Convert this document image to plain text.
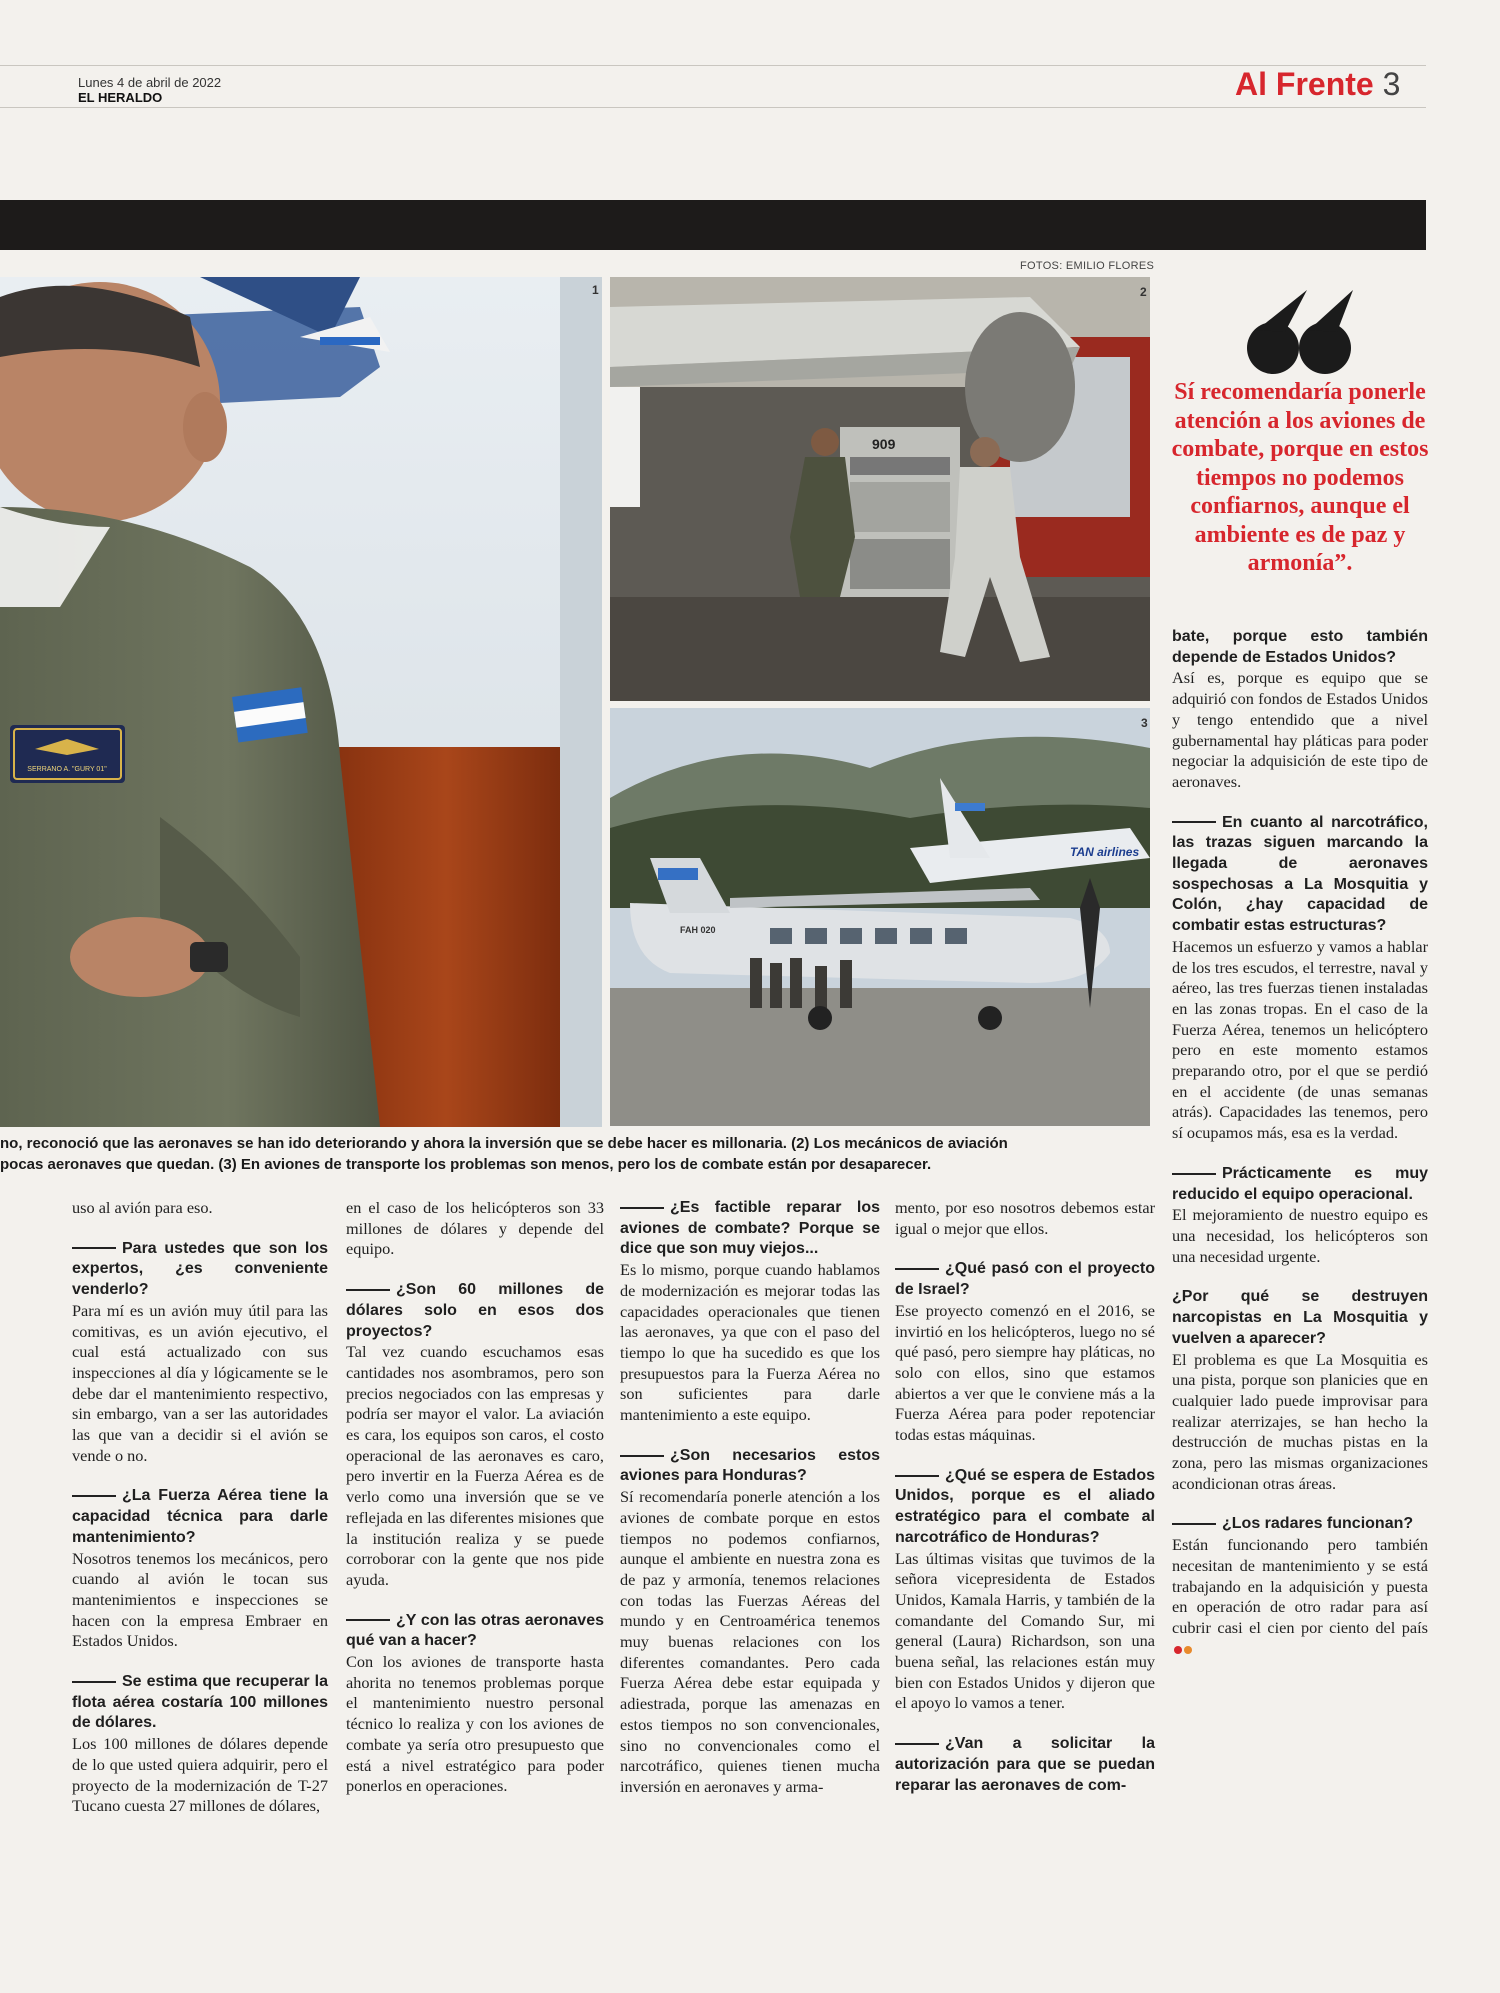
Lunes 4 de abril de 2022
EL HERALDO	Al Frente 3
FOTOS: EMILIO FLORES
SERRANO A. "GURY 01"
1
909
2
TAN airlines
FAH 020
3
no, reconoció que las aeronaves se han ido deteriorando y ahora la inversión que se debe hacer es millonaria. (2) Los mecánicos de aviación
pocas aeronaves que quedan. (3) En aviones de transporte los problemas son menos, pero los de combate están por desaparecer.
Sí recomendaría ponerle atención a los aviones de combate, porque en estos tiempos no podemos confiarnos, aunque el ambiente es de paz y armonía”.

uso al avión para eso.

Para ustedes que son los expertos, ¿es conveniente venderlo?

Para mí es un avión muy útil para las comitivas, es un avión ejecutivo, el cual está actualizado con sus inspecciones al día y lógicamente se le debe dar el mantenimiento respectivo, sin embargo, van a ser las autoridades las que van a decidir si el avión se vende o no.

¿La Fuerza Aérea tiene la capacidad técnica para darle mantenimiento?

Nosotros tenemos los mecánicos, pero cuando al avión le tocan sus mantenimientos e inspecciones se hacen con la empresa Embraer en Estados Unidos.

Se estima que recuperar la flota aérea costaría 100 millones de dólares.

Los 100 millones de dólares depende de lo que usted quiera adquirir, pero el proyecto de la modernización de T-27 Tucano cuesta 27 millones de dólares,

en el caso de los helicópteros son 33 millones de dólares y depende del equipo.

¿Son 60 millones de dólares solo en esos dos proyectos?

Tal vez cuando escuchamos esas cantidades nos asombramos, pero son precios negociados con las empresas y podría ser mayor el valor. La aviación es cara, los equipos son caros, el costo operacional de las aeronaves es caro, pero invertir en la Fuerza Aérea es de verlo como una inversión que se ve reflejada en las diferentes misiones que la institución realiza y se puede corroborar con la gente que nos pide ayuda.

¿Y con las otras aeronaves qué van a hacer?

Con los aviones de transporte hasta ahorita no tenemos problemas porque el mantenimiento nuestro personal técnico lo realiza y con los aviones de combate ya sería otro presupuesto que está a nivel estratégico para poder ponerlos en operaciones.

¿Es factible reparar los aviones de combate? Porque se dice que son muy viejos...

Es lo mismo, porque cuando hablamos de modernización es mejorar todas las capacidades operacionales que tienen las aeronaves, ya que con el paso del tiempo lo que ha sucedido es que los presupuestos para la Fuerza Aérea no son suficientes para darle mantenimiento a este equipo.

¿Son necesarios estos aviones para Honduras?

Sí recomendaría ponerle atención a los aviones de combate porque en estos tiempos no podemos confiarnos, aunque el ambiente en nuestra zona es de paz y armonía, tenemos relaciones con todas las Fuerzas Aéreas del mundo y en Centroamérica tenemos muy buenas relaciones con los diferentes comandantes. Pero cada Fuerza Aérea debe estar equipada y adiestrada, porque las amenazas en estos tiempos no son convencionales, sino no convencionales como el narcotráfico, quienes tienen mucha inversión en aeronaves y arma-

mento, por eso nosotros debemos estar igual o mejor que ellos.

¿Qué pasó con el proyecto de Israel?

Ese proyecto comenzó en el 2016, se invirtió en los helicópteros, luego no sé qué pasó, pero siempre hay pláticas, no solo con ellos, sino que estamos abiertos a ver que le conviene más a la Fuerza Aérea para poder repotenciar todas estas máquinas.

¿Qué se espera de Estados Unidos, porque es el aliado estratégico para el combate al narcotráfico de Honduras?

Las últimas visitas que tuvimos de la señora vicepresidenta de Estados Unidos, Kamala Harris, y también de la comandante del Comando Sur, mi general (Laura) Richardson, son una buena señal, las relaciones están muy bien con Estados Unidos y dijeron que el apoyo lo vamos a tener.

¿Van a solicitar la autorización para que se puedan reparar las aeronaves de com-

bate, porque esto también depende de Estados Unidos?

Así es, porque es equipo que se adquirió con fondos de Estados Unidos y tengo entendido que a nivel gubernamental hay pláticas para poder negociar la adquisición de este tipo de aeronaves.

En cuanto al narcotráfico, las trazas siguen marcando la llegada de aeronaves sospechosas a La Mosquitia y Colón, ¿hay capacidad de combatir estas estructuras?

Hacemos un esfuerzo y vamos a hablar de los tres escudos, el terrestre, naval y aéreo, las tres fuerzas tienen instaladas en las zonas tropas. En el caso de la Fuerza Aérea, tenemos un helicóptero pero en este momento estamos preparando otro, por el que se perdió en el accidente (de unas semanas atrás). Capacidades las tenemos, pero sí ocupamos más, esa es la verdad.

Prácticamente es muy reducido el equipo operacional.

El mejoramiento de nuestro equipo es una necesidad, los helicópteros son una necesidad urgente.

¿Por qué se destruyen narcopistas en La Mosquitia y vuelven a aparecer?

El problema es que La Mosquitia es una pista, porque son planicies que en cualquier lado puede improvisar para realizar aterrizajes, se han hecho la destrucción de muchas pistas en la zona, pero las mismas organizaciones acondicionan otras áreas.

¿Los radares funcionan?

Están funcionando pero también necesitan de mantenimiento y se está trabajando en la adquisición y puesta en operación de otro radar para así cubrir casi el cien por ciento del país
